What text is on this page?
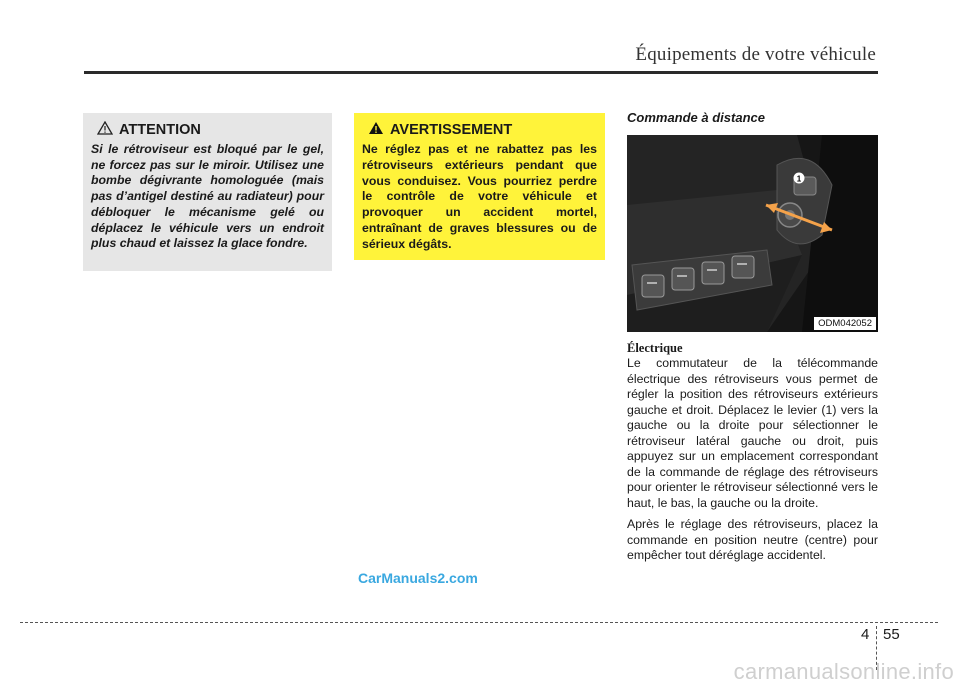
Équipements de votre véhicule
ATTENTION
Si le rétroviseur est bloqué par le gel, ne forcez pas sur le miroir. Utilisez une bombe dégivrante homologuée (mais pas d’antigel destiné au radiateur) pour débloquer le mécanisme gelé ou déplacez le véhicule vers un endroit plus chaud et laissez la glace fondre.
AVERTISSEMENT
Ne réglez pas et ne rabattez pas les rétroviseurs extérieurs pendant que vous conduisez. Vous pourriez perdre le contrôle de votre véhicule et provoquer un accident mortel, entraînant de graves blessures ou de sérieux dégâts.
Commande à distance
1
ODM042052
Électrique

Le commutateur de la télécommande électrique des rétroviseurs vous permet de régler la position des rétroviseurs extérieurs gauche et droit. Déplacez le levier (1) vers la gauche ou la droite pour sélectionner le rétroviseur latéral gauche ou droit, puis appuyez sur un emplacement correspondant de la commande de réglage des rétroviseurs pour orienter le rétroviseur sélectionné vers le haut, le bas, la gauche ou la droite.

Après le réglage des rétroviseurs, placez la commande en position neutre (centre) pour empêcher tout déréglage accidentel.

CarManuals2.com
4 55
carmanualsonline.info
